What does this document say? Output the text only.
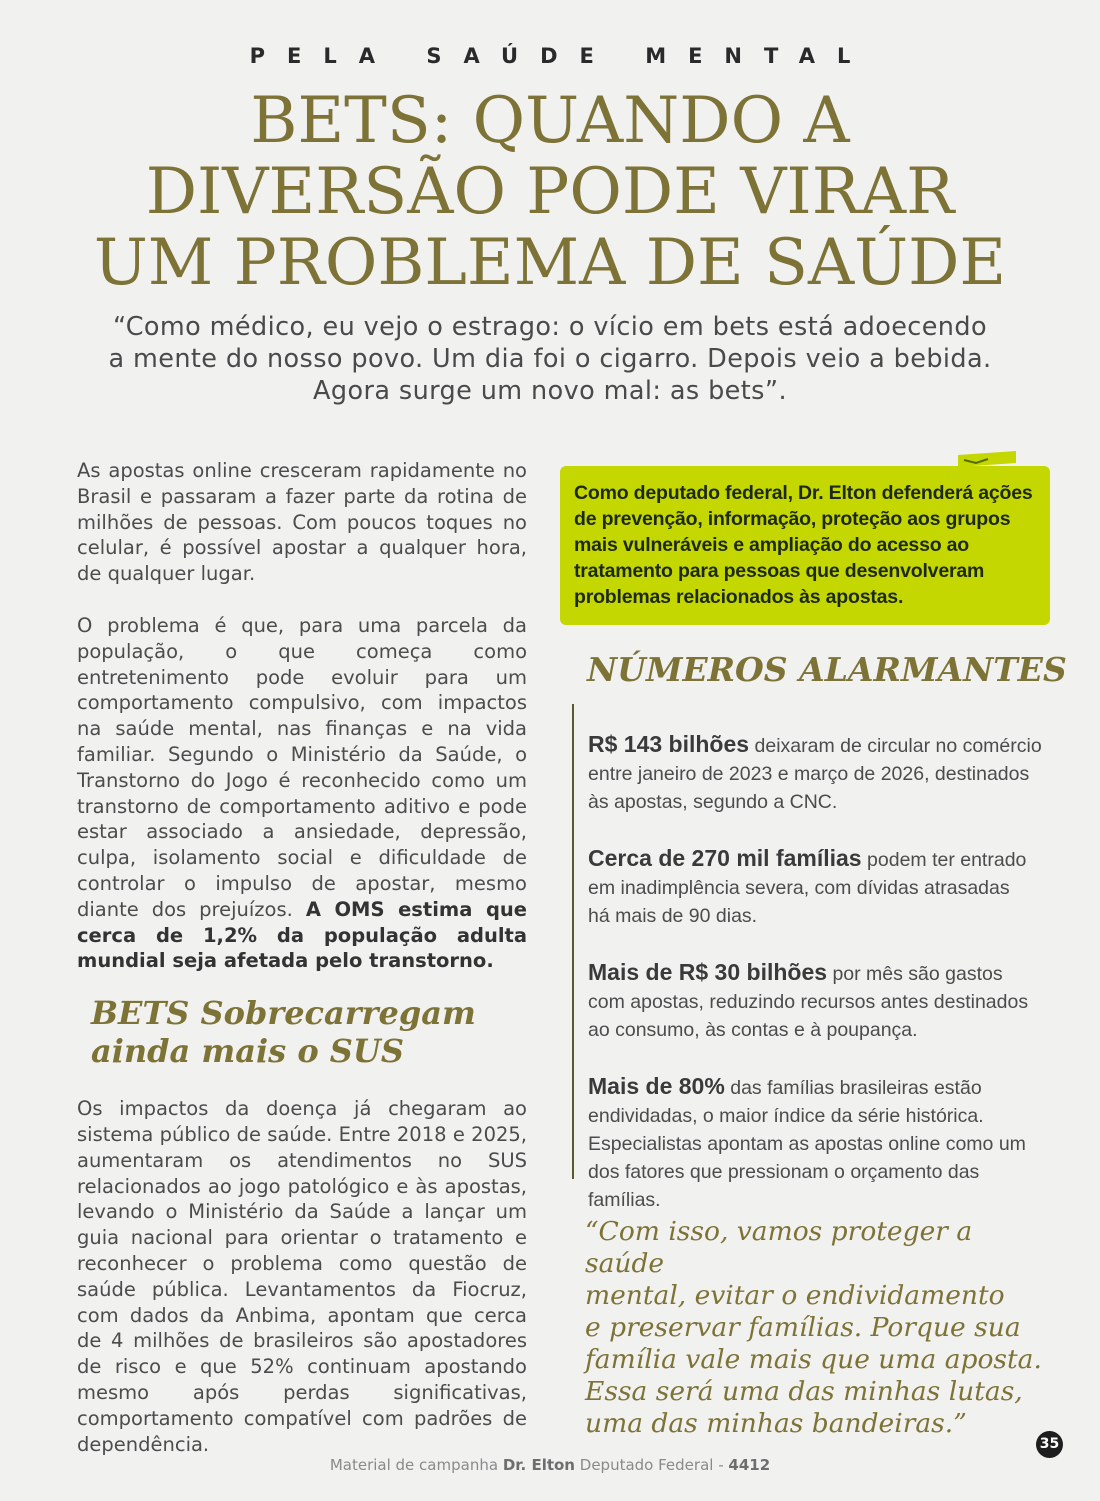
PELA SAÚDE MENTAL
BETS: QUANDO A
DIVERSÃO PODE VIRAR
UM PROBLEMA DE SAÚDE
“Como médico, eu vejo o estrago: o vício em bets está adoecendo
a mente do nosso povo. Um dia foi o cigarro. Depois veio a bebida.
Agora surge um novo mal: as bets”.

As apostas online cresceram rapidamente no Brasil e passaram a fazer parte da rotina de milhões de pessoas. Com poucos toques no celular, é possível apostar a qualquer hora, de qualquer lugar.

O problema é que, para uma parcela da população, o que começa como entretenimento pode evoluir para um comportamento compulsivo, com impactos na saúde mental, nas finanças e na vida familiar. Segundo o Ministério da Saúde, o Transtorno do Jogo é reconhecido como um transtorno de comportamento aditivo e pode estar associado a ansiedade, depressão, culpa, isolamento social e dificuldade de controlar o impulso de apostar, mesmo diante dos prejuízos. A OMS estima que cerca de 1,2% da população adulta mundial seja afetada pelo transtorno.

BETS Sobrecarregam
ainda mais o SUS

Os impactos da doença já chegaram ao sistema público de saúde. Entre 2018 e 2025, aumentaram os atendimentos no SUS relacionados ao jogo patológico e às apostas, levando o Ministério da Saúde a lançar um guia nacional para orientar o tratamento e reconhecer o problema como questão de saúde pública. Levantamentos da Fiocruz, com dados da Anbima, apontam que cerca de 4 milhões de brasileiros são apostadores de risco e que 52% continuam apostando mesmo após perdas significativas, comportamento compatível com padrões de dependência.

Como deputado federal, Dr. Elton defenderá ações de prevenção, informação, proteção aos grupos mais vulneráveis e ampliação do acesso ao tratamento para pessoas que desenvolveram problemas relacionados às apostas.
NÚMEROS ALARMANTES
R$ 143 bilhões deixaram de circular no comércio
entre janeiro de 2023 e março de 2026, destinados
às apostas, segundo a CNC.
Cerca de 270 mil famílias podem ter entrado
em inadimplência severa, com dívidas atrasadas
há mais de 90 dias.
Mais de R$ 30 bilhões por mês são gastos
com apostas, reduzindo recursos antes destinados
ao consumo, às contas e à poupança.
Mais de 80% das famílias brasileiras estão
endividadas, o maior índice da série histórica.
Especialistas apontam as apostas online como um
dos fatores que pressionam o orçamento das famílias.
“Com isso, vamos proteger a saúde
mental, evitar o endividamento
e preservar famílias. Porque sua
família vale mais que uma aposta.
Essa será uma das minhas lutas,
uma das minhas bandeiras.”
35
Material de campanha Dr. Elton Deputado Federal - 4412
